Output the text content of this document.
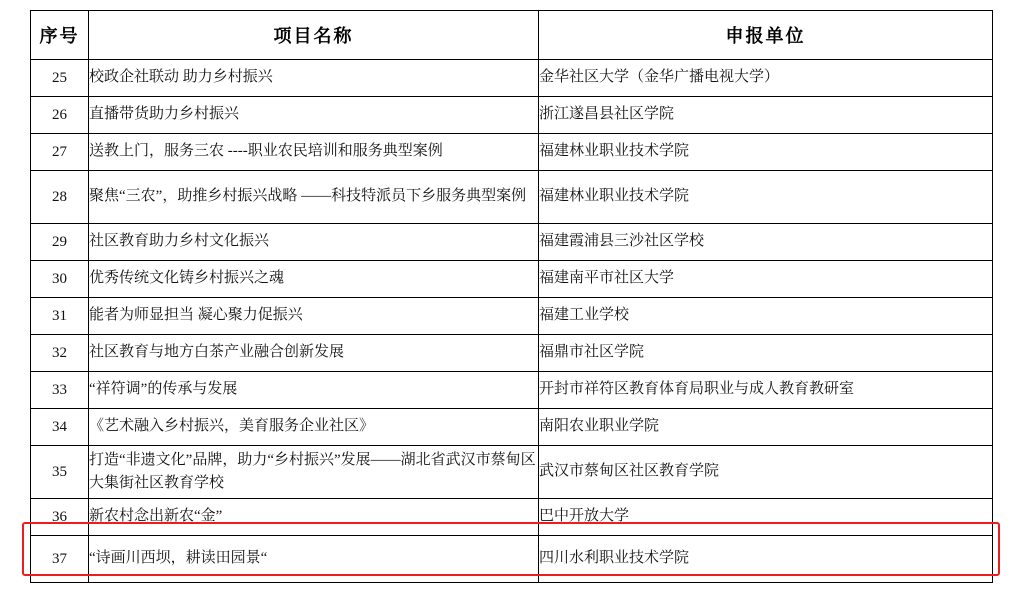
序号	项目名称	申报单位
25	校政企社联动 助力乡村振兴	金华社区大学（金华广播电视大学）
26	直播带货助力乡村振兴	浙江遂昌县社区学院
27	送教上门，服务三农 ----职业农民培训和服务典型案例	福建林业职业技术学院
28	聚焦“三农”，助推乡村振兴战略 ——科技特派员下乡服务典型案例	福建林业职业技术学院
29	社区教育助力乡村文化振兴	福建霞浦县三沙社区学校
30	优秀传统文化铸乡村振兴之魂	福建南平市社区大学
31	能者为师显担当 凝心聚力促振兴	福建工业学校
32	社区教育与地方白茶产业融合创新发展	福鼎市社区学院
33	“祥符调”的传承与发展	开封市祥符区教育体育局职业与成人教育教研室
34	《艺术融入乡村振兴，美育服务企业社区》	南阳农业职业学院
35	打造“非遗文化”品牌，助力“乡村振兴”发展——湖北省武汉市蔡甸区大集街社区教育学校	武汉市蔡甸区社区教育学院
36	新农村念出新农“金”	巴中开放大学
37	“诗画川西坝，耕读田园景“	四川水利职业技术学院
